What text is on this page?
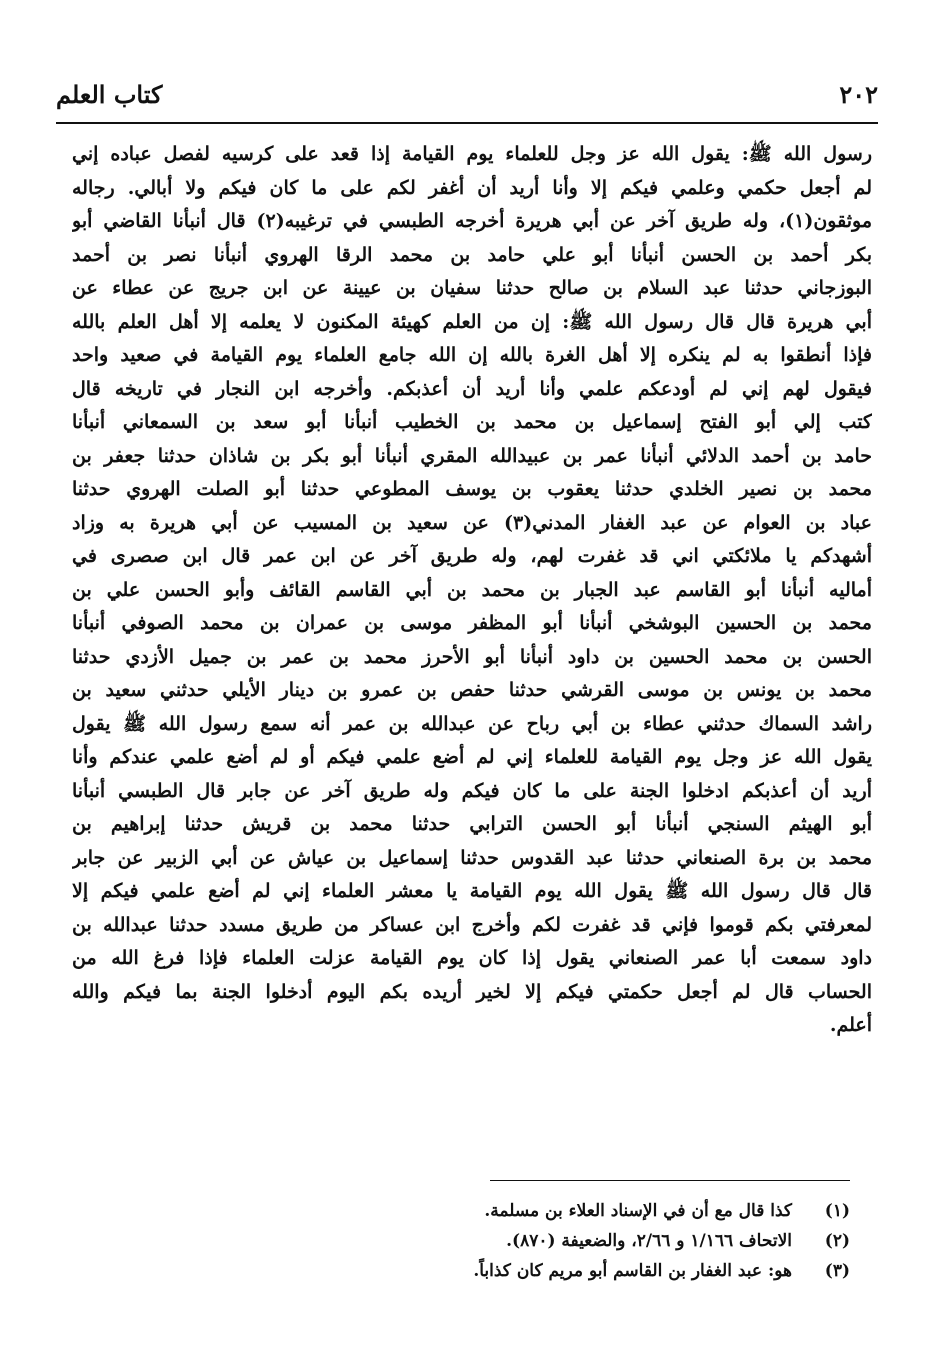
٢٠٢
كتاب العلم
رسول الله ﷺ: يقول الله عز وجل للعلماء يوم القيامة إذا قعد على كرسيه لفصل عباده إني
لم أجعل حكمي وعلمي فيكم إلا وأنا أريد أن أغفر لكم على ما كان فيكم ولا أبالي. رجاله
موثقون(١)، وله طريق آخر عن أبي هريرة أخرجه الطبسي في ترغيبه(٢) قال أنبأنا القاضي أبو
بكر أحمد بن الحسن أنبأنا أبو علي حامد بن محمد الرقا الهروي أنبأنا نصر بن أحمد
البوزجاني حدثنا عبد السلام بن صالح حدثنا سفيان بن عيينة عن ابن جريج عن عطاء عن
أبي هريرة قال قال رسول الله ﷺ: إن من العلم كهيئة المكنون لا يعلمه إلا أهل العلم بالله
فإذا أنطقوا به لم ينكره إلا أهل الغرة بالله إن الله جامع العلماء يوم القيامة في صعيد واحد
فيقول لهم إني لم أودعكم علمي وأنا أريد أن أعذبكم. وأخرجه ابن النجار في تاريخه قال
كتب إلي أبو الفتح إسماعيل بن محمد بن الخطيب أنبأنا أبو سعد بن السمعاني أنبأنا
حامد بن أحمد الدلائي أنبأنا عمر بن عبيدالله المقري أنبأنا أبو بكر بن شاذان حدثنا جعفر بن
محمد بن نصير الخلدي حدثنا يعقوب بن يوسف المطوعي حدثنا أبو الصلت الهروي حدثنا
عباد بن العوام عن عبد الغفار المدني(٣) عن سعيد بن المسيب عن أبي هريرة به وزاد
أشهدكم يا ملائكتي اني قد غفرت لهم، وله طريق آخر عن ابن عمر قال ابن صصرى في
أماليه أنبأنا أبو القاسم عبد الجبار بن محمد بن أبي القاسم القائف وأبو الحسن علي بن
محمد بن الحسين البوشخي أنبأنا أبو المظفر موسى بن عمران بن محمد الصوفي أنبأنا
الحسن بن محمد الحسين بن داود أنبأنا أبو الأحرز محمد بن عمر بن جميل الأزدي حدثنا
محمد بن يونس بن موسى القرشي حدثنا حفص بن عمرو بن دينار الأيلي حدثني سعيد بن
راشد السماك حدثني عطاء بن أبي رباح عن عبدالله بن عمر أنه سمع رسول الله ﷺ يقول
يقول الله عز وجل يوم القيامة للعلماء إني لم أضع علمي فيكم أو لم أضع علمي عندكم وأنا
أريد أن أعذبكم ادخلوا الجنة على ما كان فيكم وله طريق آخر عن جابر قال الطبسي أنبأنا
أبو الهيثم السنجي أنبأنا أبو الحسن الترابي حدثنا محمد بن قريش حدثنا إبراهيم بن
محمد بن برة الصنعاني حدثنا عبد القدوس حدثنا إسماعيل بن عياش عن أبي الزبير عن جابر
قال قال رسول الله ﷺ يقول الله يوم القيامة يا معشر العلماء إني لم أضع علمي فيكم إلا
لمعرفتي بكم قوموا فإني قد غفرت لكم وأخرج ابن عساكر من طريق مسدد حدثنا عبدالله بن
داود سمعت أبا عمر الصنعاني يقول إذا كان يوم القيامة عزلت العلماء فإذا فرغ الله من
الحساب قال لم أجعل حكمتي فيكم إلا لخير أريده بكم اليوم أدخلوا الجنة بما فيكم والله
أعلم.
(١)
كذا قال مع أن في الإسناد العلاء بن مسلمة.
(٢)
الاتحاف ١/١٦٦ و ٢/٦٦، والضعيفة (٨٧٠).
(٣)
هو: عبد الغفار بن القاسم أبو مريم كان كذاباً.
